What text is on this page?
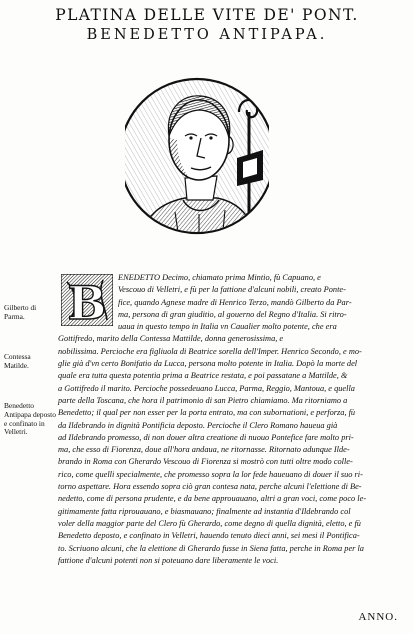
PLATINA DELLE VITE DE' PONT.
BENEDETTO ANTIPAPA.
B
Gilberto di Parma.
Contessa Matilde.
Benedetto Antipapa deposto e confinato in Velletri.
ENEDETTO Decimo, chiamato prima Mintio, fù Capuano, e
Vescouo di Velletri, e fù per la fattione d'alcuni nobili, creato Ponte-
fice, quando Agnese madre di Henrico Terzo, mandò Gilberto da Par-
ma, persona di gran giuditio, al gouerno del Regno d'Italia. Si ritro-
uaua in questo tempo in Italia vn Caualier molto potente, che era
Gottifredo, marito della Contessa Mattilde, donna generosissima, e
nobilissima. Percioche era figliuola di Beatrice sorella dell'Imper. Henrico Secondo, e mo-
glie già d'vn certo Bonifatio da Lucca, persona molto potente in Italia. Dopò la morte del
quale era tutta questa potentia prima a Beatrice restata, e poi passatane a Mattilde, &
a Gottifredo il marito. Percioche possedeuano Lucca, Parma, Reggio, Mantoua, e quella
parte della Toscana, che hora il patrimonio di san Pietro chiamiamo. Ma ritorniamo a
Benedetto; il qual per non esser per la porta entrato, ma con subornationi, e perforza, fù
da Ildebrando in dignità Pontificia deposto. Percioche il Clero Romano haueua già
ad Ildebrando promesso, di non douer altra creatione di nuouo Pontefice fare molto pri-
ma, che esso di Fiorenza, doue all'hora andaua, ne ritornasse. Ritornato adunque Ilde-
brando in Roma con Gherardo Vescouo di Fiorenza si mostrò con tutti oltre modo colle-
rico, come quelli specialmente, che promesso sopra la lor fede haueuano di douer il suo ri-
torno aspettare. Hora essendo sopra ciò gran contesa nata, perche alcuni l'elettione di Be-
nedetto, come di persona prudente, e da bene approuauano, altri a gran voci, come poco le-
gitimamente fatta riprouauano, e biasmauano; finalmente ad instantia d'Ildebrando col
voler della maggior parte del Clero fù Gherardo, come degno di quella dignità, eletto, e fù
Benedetto deposto, e confinato in Velletri, hauendo tenuto dieci anni, sei mesi il Pontifica-
to. Scriuono alcuni, che la elettione di Gherardo fusse in Siena fatta, perche in Roma per la
fattione d'alcuni potenti non si poteuano dare liberamente le voci.
ANNO.
